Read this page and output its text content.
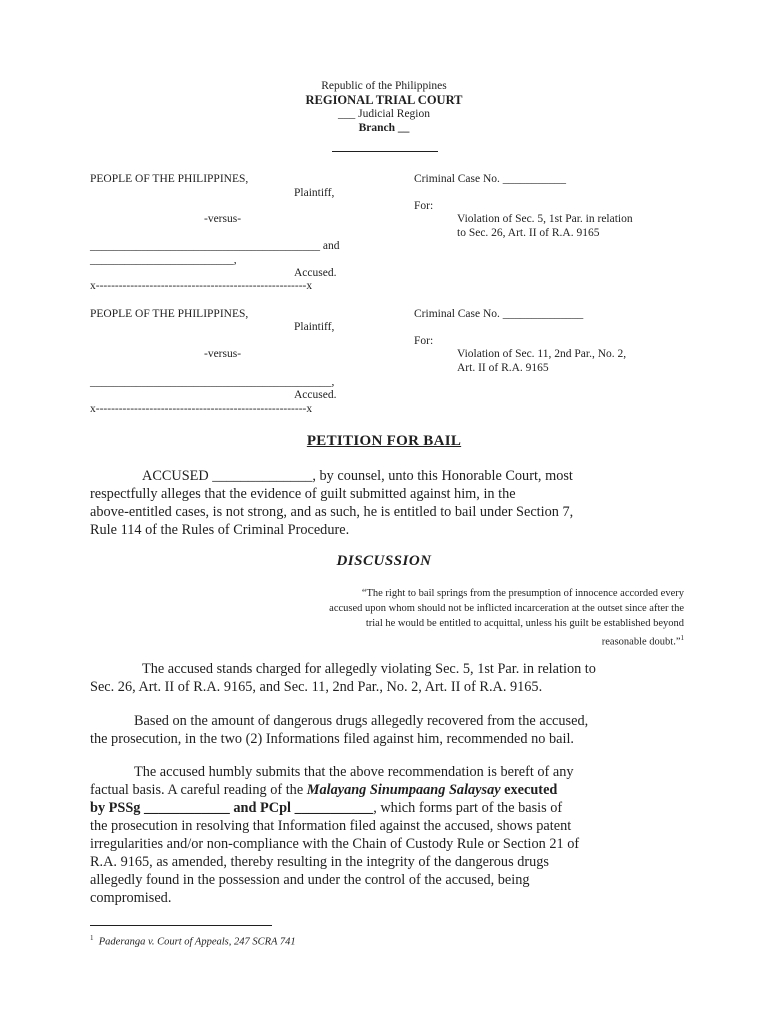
Republic of the Philippines
REGIONAL TRIAL COURT
___ Judicial Region
Branch __
PEOPLE OF THE PHILIPPINES,
Plaintiff,
Criminal Case No. ___________
For:
-versus-	Violation of Sec. 5, 1st Par. in relation
to Sec. 26, Art. II of R.A. 9165
________________________________________ and
_________________________,
Accused.
x-------------------------------------------------------x
PEOPLE OF THE PHILIPPINES,
Plaintiff,
Criminal Case No. ______________
For:
-versus-	Violation of Sec. 11, 2nd Par., No. 2,
Art. II of R.A. 9165
__________________________________________,
Accused.
x-------------------------------------------------------x
PETITION FOR BAIL
ACCUSED ______________, by counsel, unto this Honorable Court, most
respectfully alleges that the evidence of guilt submitted against him, in the
above-entitled cases, is not strong, and as such, he is entitled to bail under Section 7,
Rule 114 of the Rules of Criminal Procedure.
DISCUSSION
“The right to bail springs from the presumption of innocence accorded every
accused upon whom should not be inflicted incarceration at the outset since after the
trial he would be entitled to acquittal, unless his guilt be established beyond
reasonable doubt.”$^1$
The accused stands charged for allegedly violating Sec. 5, 1st Par. in relation to
Sec. 26, Art. II of R.A. 9165, and Sec. 11, 2nd Par., No. 2, Art. II of R.A. 9165.
Based on the amount of dangerous drugs allegedly recovered from the accused,
the prosecution, in the two (2) Informations filed against him, recommended no bail.
The accused humbly submits that the above recommendation is bereft of any
factual basis. A careful reading of the Malayang Sinumpaang Salaysay executed
by PSSg ____________ and PCpl ___________, which forms part of the basis of
the prosecution in resolving that Information filed against the accused, shows patent
irregularities and/or non-compliance with the Chain of Custody Rule or Section 21 of
R.A. 9165, as amended, thereby resulting in the integrity of the dangerous drugs
allegedly found in the possession and under the control of the accused, being
compromised.
$^1$ Paderanga v. Court of Appeals, 247 SCRA 741
